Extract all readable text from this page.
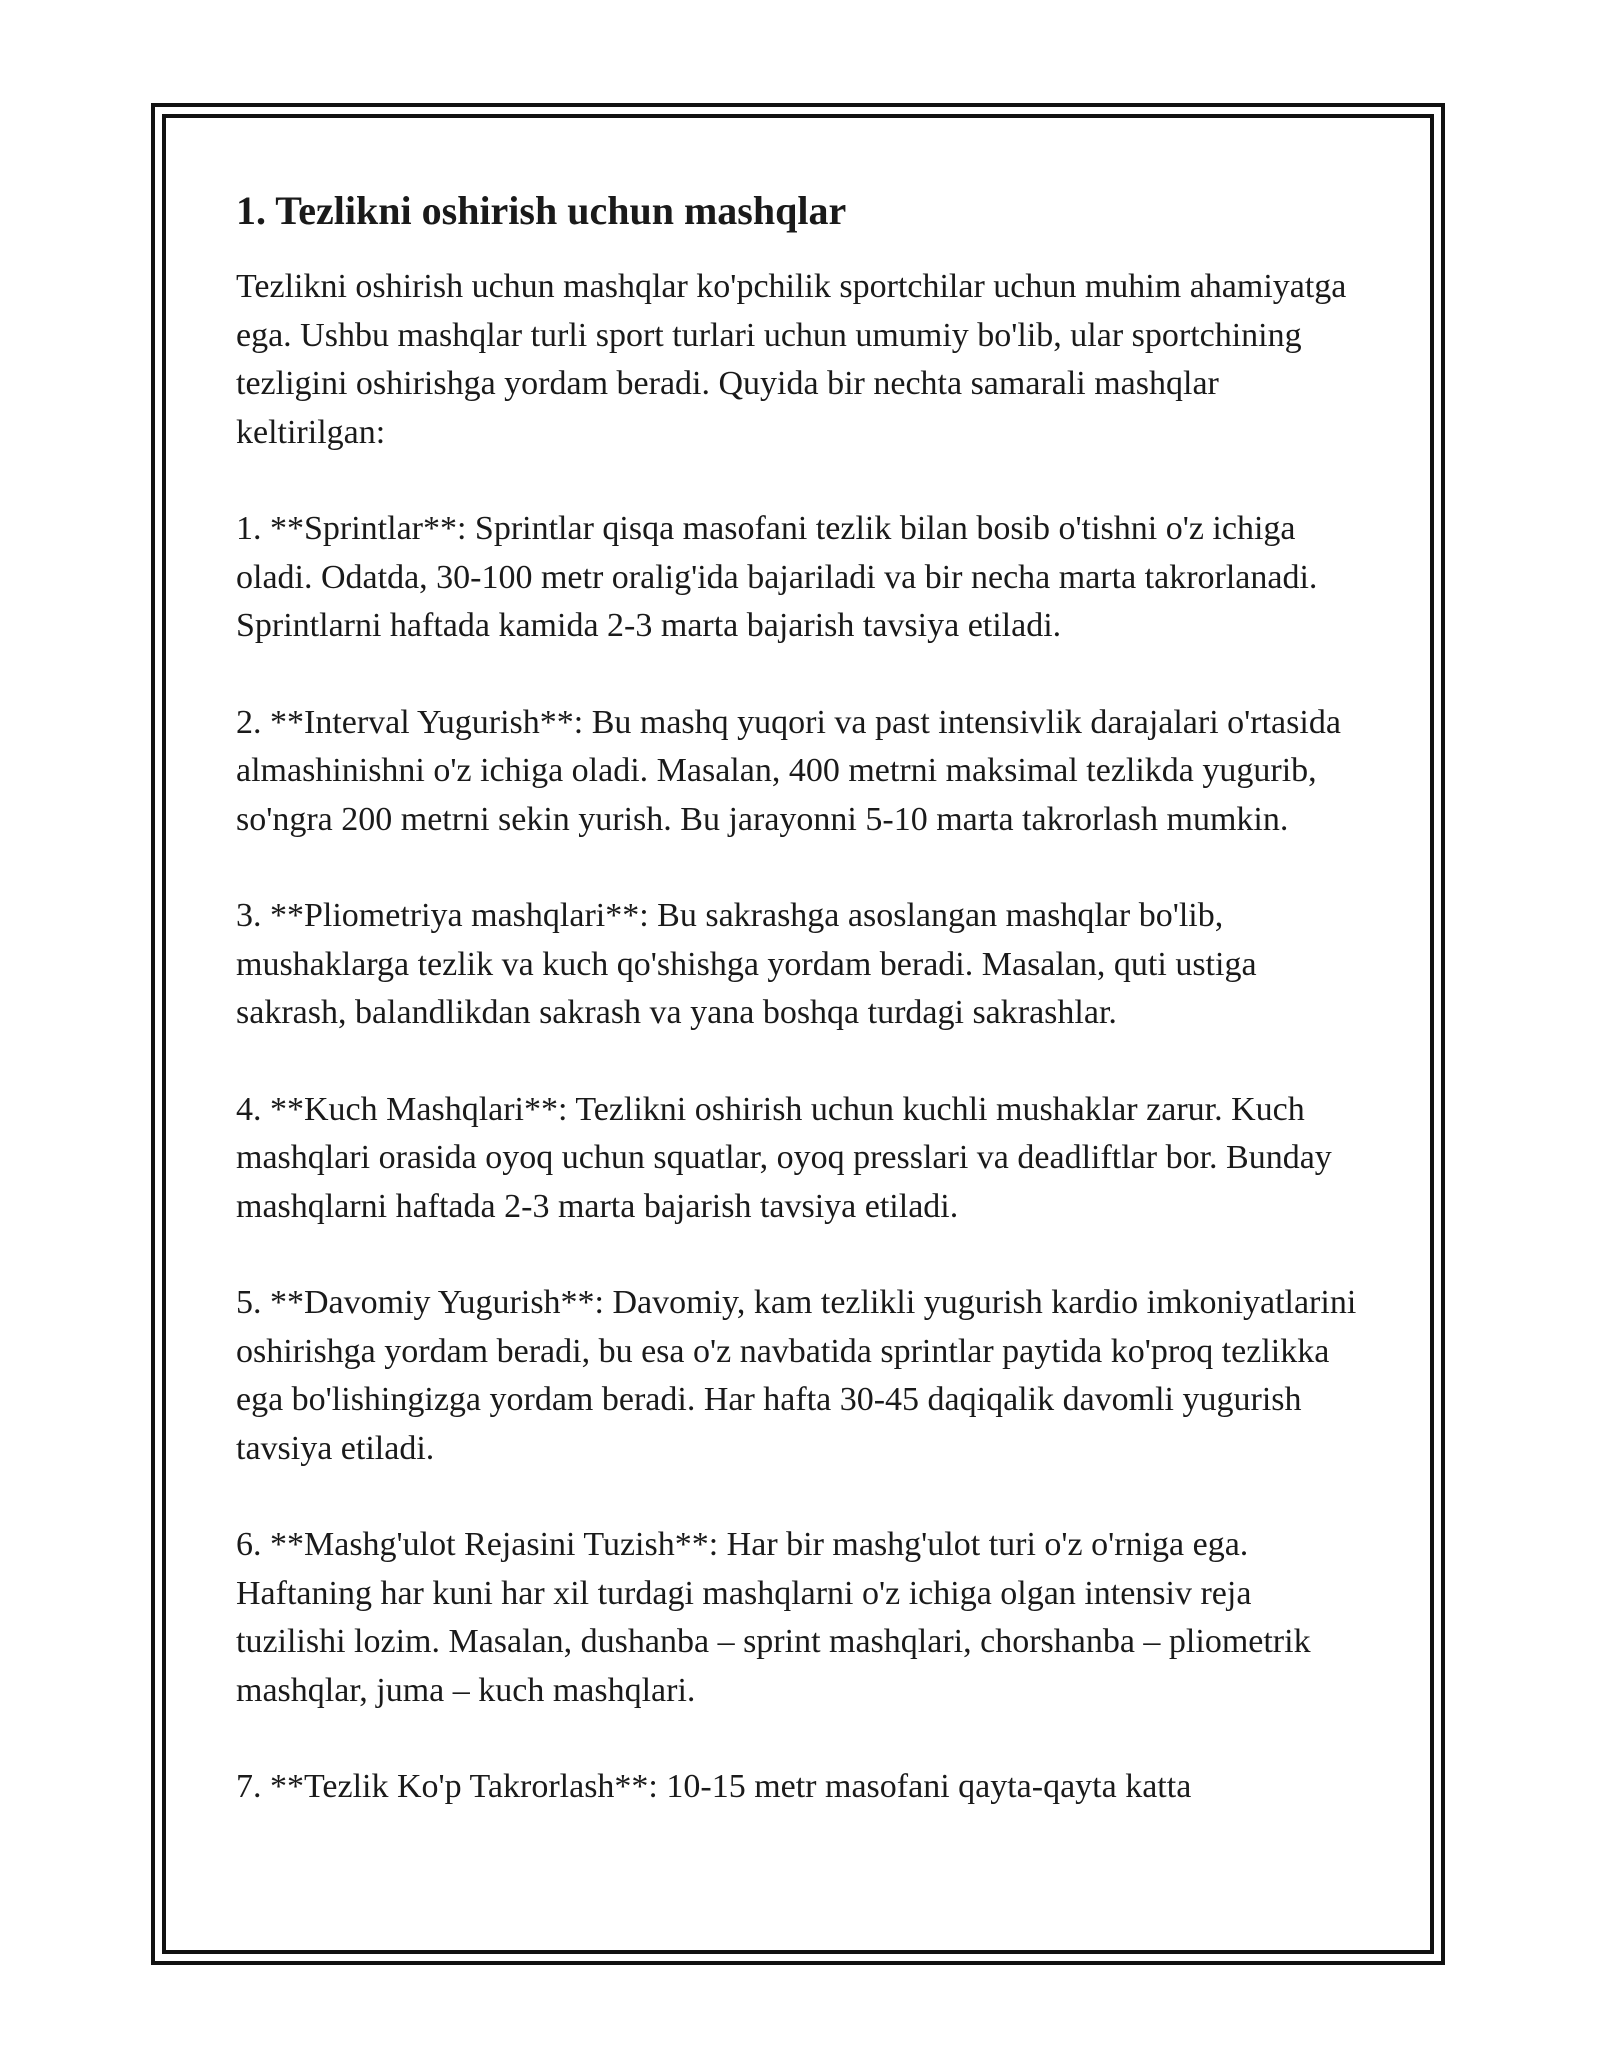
1. Tezlikni oshirish uchun mashqlar

Tezlikni oshirish uchun mashqlar ko'pchilik sportchilar uchun muhim ahamiyatga ega. Ushbu mashqlar turli sport turlari uchun umumiy bo'lib, ular sportchining tezligini oshirishga yordam beradi. Quyida bir nechta samarali mashqlar keltirilgan:

1. **Sprintlar**: Sprintlar qisqa masofani tezlik bilan bosib o'tishni o'z ichiga oladi. Odatda, 30-100 metr oralig'ida bajariladi va bir necha marta takrorlanadi. Sprintlarni haftada kamida 2-3 marta bajarish tavsiya etiladi.

2. **Interval Yugurish**: Bu mashq yuqori va past intensivlik darajalari o'rtasida almashinishni o'z ichiga oladi. Masalan, 400 metrni maksimal tezlikda yugurib, so'ngra 200 metrni sekin yurish. Bu jarayonni 5-10 marta takrorlash mumkin.

3. **Pliometriya mashqlari**: Bu sakrashga asoslangan mashqlar bo'lib, mushaklarga tezlik va kuch qo'shishga yordam beradi. Masalan, quti ustiga sakrash, balandlikdan sakrash va yana boshqa turdagi sakrashlar.

4. **Kuch Mashqlari**: Tezlikni oshirish uchun kuchli mushaklar zarur. Kuch mashqlari orasida oyoq uchun squatlar, oyoq presslari va deadliftlar bor. Bunday mashqlarni haftada 2-3 marta bajarish tavsiya etiladi.

5. **Davomiy Yugurish**: Davomiy, kam tezlikli yugurish kardio imkoniyatlarini oshirishga yordam beradi, bu esa o'z navbatida sprintlar paytida ko'proq tezlikka ega bo'lishingizga yordam beradi. Har hafta 30-45 daqiqalik davomli yugurish tavsiya etiladi.

6. **Mashg'ulot Rejasini Tuzish**: Har bir mashg'ulot turi o'z o'rniga ega. Haftaning har kuni har xil turdagi mashqlarni o'z ichiga olgan intensiv reja tuzilishi lozim. Masalan, dushanba – sprint mashqlari, chorshanba – pliometrik mashqlar, juma – kuch mashqlari.

7. **Tezlik Ko'p Takrorlash**: 10-15 metr masofani qayta-qayta katta
